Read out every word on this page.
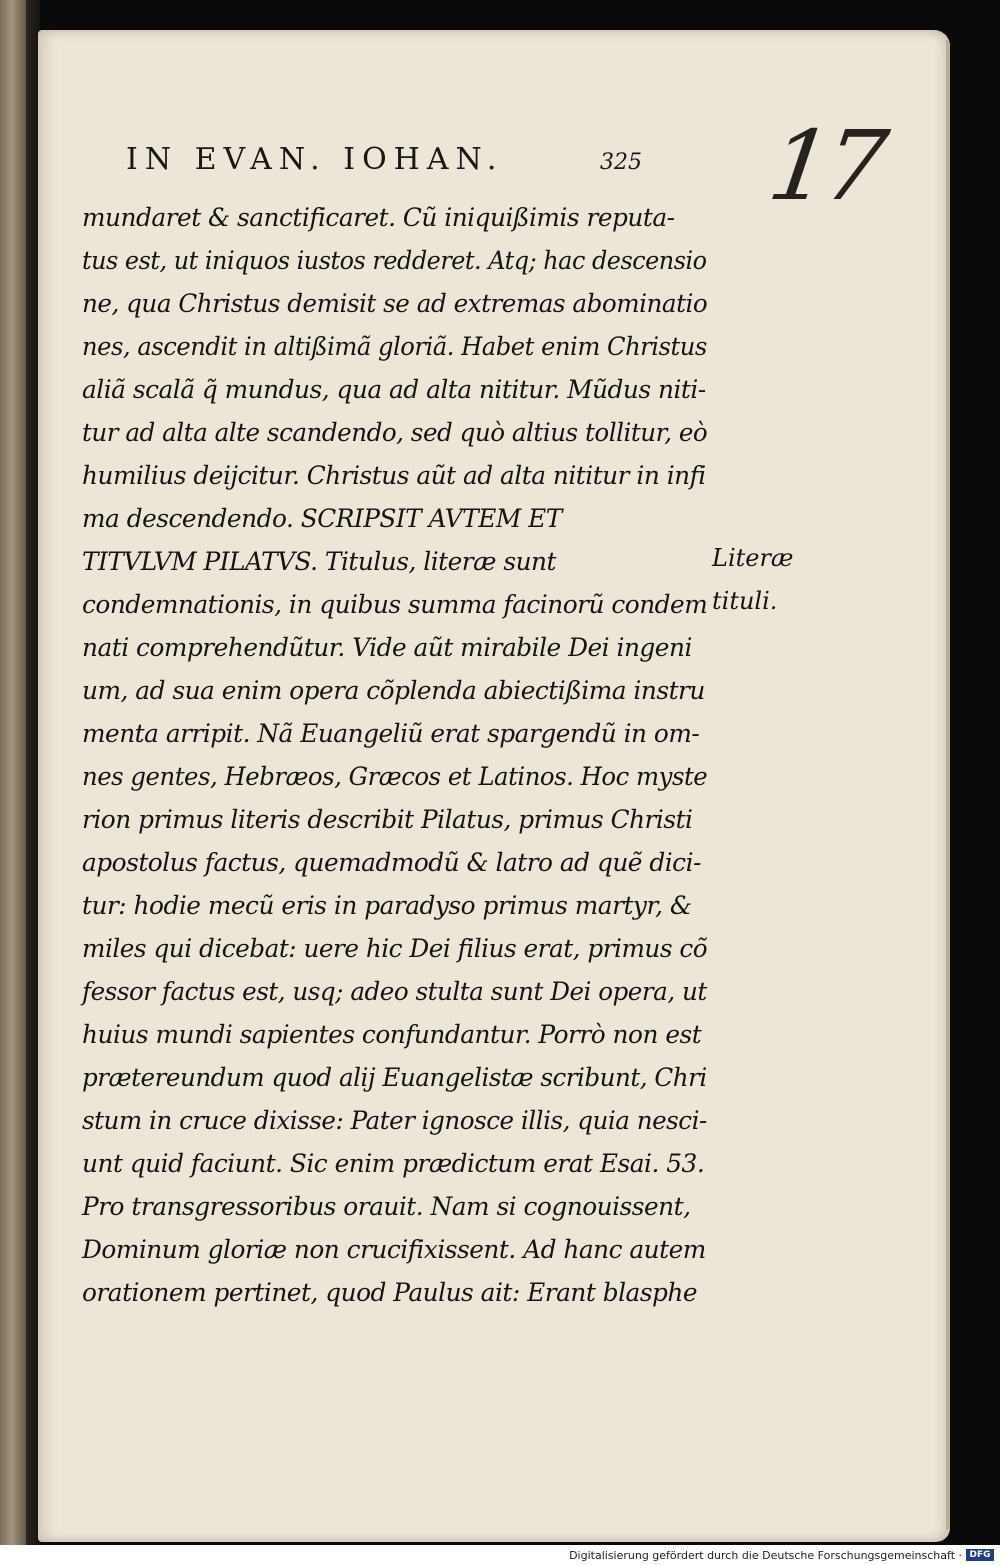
IN EVAN. IOHAN.	325 17
mundaret & sanctificaret. Cũ iniquißimis reputa-
tus est, ut iniquos iustos redderet. Atq; hac descensio
ne, qua Christus demisit se ad extremas abominatio
nes, ascendit in altißimã gloriã. Habet enim Christus
aliã scalã q̃ mundus, qua ad alta nititur. Mũdus niti-
tur ad alta alte scandendo, sed quò altius tollitur, eò
humilius deijcitur. Christus aũt ad alta nititur in infi
ma descendendo. SCRIPSIT AVTEM ET
TITVLVM PILATVS. Titulus, literæ sunt
condemnationis, in quibus summa facinorũ condem
nati comprehendũtur. Vide aũt mirabile Dei ingeni
um, ad sua enim opera cõplenda abiectißima instru
menta arripit. Nã Euangeliũ erat spargendũ in om-
nes gentes, Hebræos, Græcos et Latinos. Hoc myste
rion primus literis describit Pilatus, primus Christi
apostolus factus, quemadmodũ & latro ad quẽ dici-
tur: hodie mecũ eris in paradyso primus martyr, &
miles qui dicebat: uere hic Dei filius erat, primus cõ
fessor factus est, usq; adeo stulta sunt Dei opera, ut
huius mundi sapientes confundantur. Porrò non est
prætereundum quod alij Euangelistæ scribunt, Chri
stum in cruce dixisse: Pater ignosce illis, quia nesci-
unt quid faciunt. Sic enim prædictum erat Esai. 53.
Pro transgressoribus orauit. Nam si cognouissent,
Dominum gloriæ non crucifixissent. Ad hanc autem
orationem pertinet, quod Paulus ait: Erant blasphe
Literæ
tituli.
Digitalisierung gefördert durch die Deutsche Forschungsgemeinschaft · DFG
